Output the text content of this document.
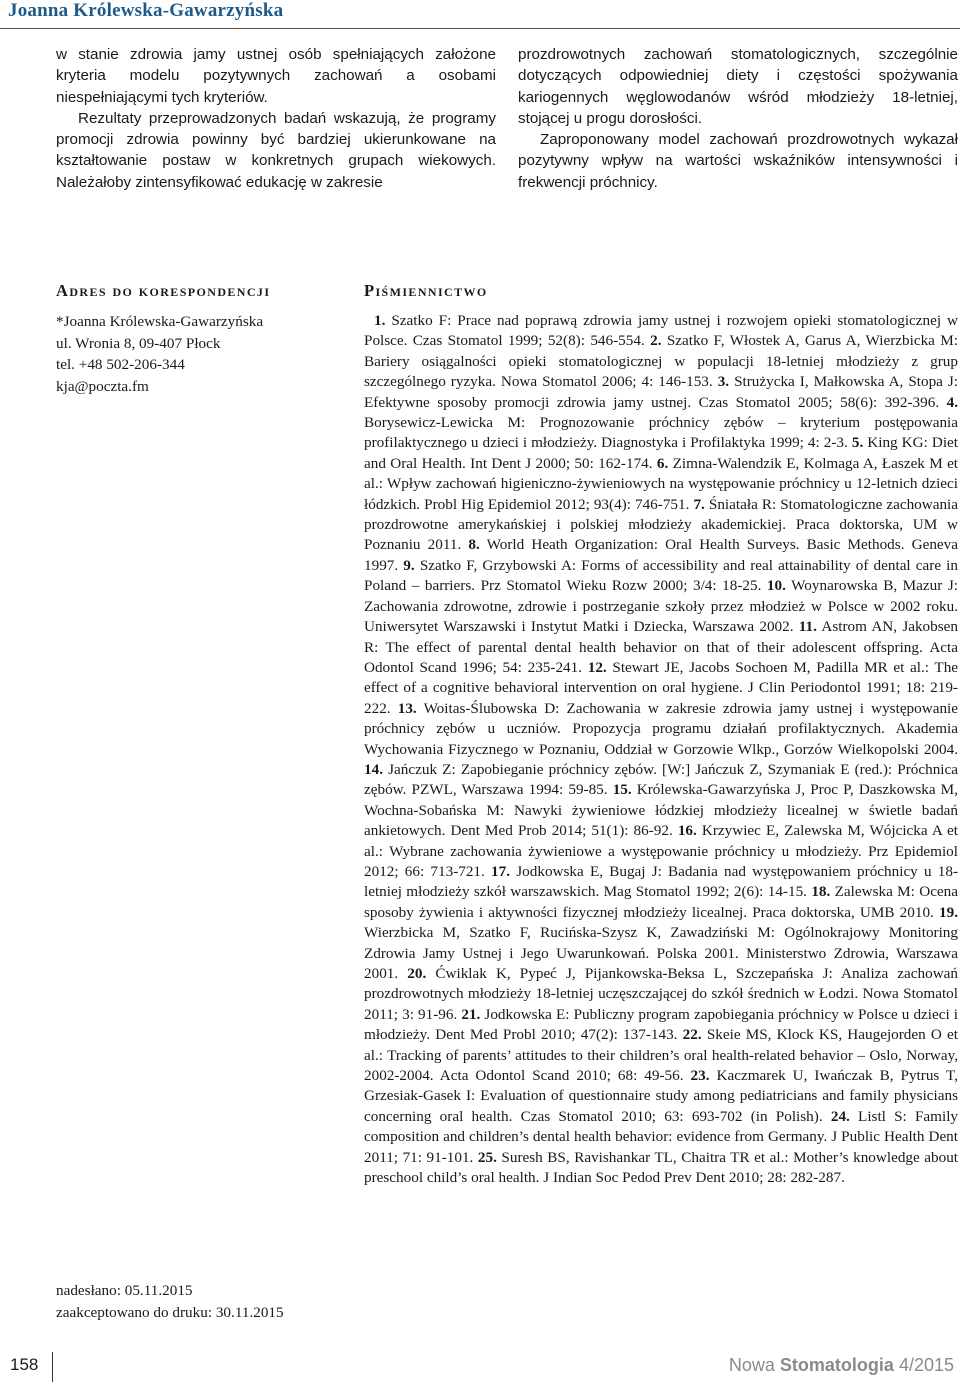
Joanna Królewska-Gawarzyńska

w stanie zdrowia jamy ustnej osób spełniających założone kryteria modelu pozytywnych zachowań a osobami niespełniającymi tych kryteriów.

Rezultaty przeprowadzonych badań wskazują, że programy promocji zdrowia powinny być bardziej ukierunkowane na kształtowanie postaw w konkretnych grupach wiekowych. Należałoby zintensyfikować edukację w zakresie

prozdrowotnych zachowań stomatologicznych, szczególnie dotyczących odpowiedniej diety i częstości spożywania kariogennych węglowodanów wśród młodzieży 18-letniej, stojącej u progu dorosłości.

Zaproponowany model zachowań prozdrowotnych wykazał pozytywny wpływ na wartości wskaźników intensywności i frekwencji próchnicy.

Adres do korespondencji
*Joanna Królewska-Gawarzyńska
ul. Wronia 8, 09-407 Płock
tel. +48 502-206-344
kja@poczta.fm
nadesłano: 05.11.2015
zaakceptowano do druku: 30.11.2015
Piśmiennictwo
1. Szatko F: Prace nad poprawą zdrowia jamy ustnej i rozwojem opieki stomatologicznej w Polsce. Czas Stomatol 1999; 52(8): 546-554. 2. Szatko F, Włostek A, Garus A, Wierzbicka M: Bariery osiągalności opieki stomatologicznej w populacji 18-letniej młodzieży z grup szczególnego ryzyka. Nowa Stomatol 2006; 4: 146-153. 3. Strużycka I, Małkowska A, Stopa J: Efektywne sposoby promocji zdrowia jamy ustnej. Czas Stomatol 2005; 58(6): 392-396. 4. Borysewicz-Lewicka M: Prognozowanie próchnicy zębów – kryterium postępowania profilaktycznego u dzieci i młodzieży. Diagnostyka i Profilaktyka 1999; 4: 2-3. 5. King KG: Diet and Oral Health. Int Dent J 2000; 50: 162-174. 6. Zimna-Walendzik E, Kolmaga A, Łaszek M et al.: Wpływ zachowań higieniczno-żywieniowych na występowanie próchnicy u 12-letnich dzieci łódzkich. Probl Hig Epidemiol 2012; 93(4): 746-751. 7. Śniatała R: Stomatologiczne zachowania prozdrowotne amerykańskiej i polskiej młodzieży akademickiej. Praca doktorska, UM w Poznaniu 2011. 8. World Heath Organization: Oral Health Surveys. Basic Methods. Geneva 1997. 9. Szatko F, Grzybowski A: Forms of accessibility and real attainability of dental care in Poland – barriers. Prz Stomatol Wieku Rozw 2000; 3/4: 18-25. 10. Woynarowska B, Mazur J: Zachowania zdrowotne, zdrowie i postrzeganie szkoły przez młodzież w Polsce w 2002 roku. Uniwersytet Warszawski i Instytut Matki i Dziecka, Warszawa 2002. 11. Astrom AN, Jakobsen R: The effect of parental dental health behavior on that of their adolescent offspring. Acta Odontol Scand 1996; 54: 235-241. 12. Stewart JE, Jacobs Sochoen M, Padilla MR et al.: The effect of a cognitive behavioral intervention on oral hygiene. J Clin Periodontol 1991; 18: 219-222. 13. Woitas-Ślubowska D: Zachowania w zakresie zdrowia jamy ustnej i występowanie próchnicy zębów u uczniów. Propozycja programu działań profilaktycznych. Akademia Wychowania Fizycznego w Poznaniu, Oddział w Gorzowie Wlkp., Gorzów Wielkopolski 2004. 14. Jańczuk Z: Zapobieganie próchnicy zębów. [W:] Jańczuk Z, Szymaniak E (red.): Próchnica zębów. PZWL, Warszawa 1994: 59-85. 15. Królewska-Gawarzyńska J, Proc P, Daszkowska M, Wochna-Sobańska M: Nawyki żywieniowe łódzkiej młodzieży licealnej w świetle badań ankietowych. Dent Med Prob 2014; 51(1): 86-92. 16. Krzywiec E, Zalewska M, Wójcicka A et al.: Wybrane zachowania żywieniowe a występowanie próchnicy u młodzieży. Prz Epidemiol 2012; 66: 713-721. 17. Jodkowska E, Bugaj J: Badania nad występowaniem próchnicy u 18-letniej młodzieży szkół warszawskich. Mag Stomatol 1992; 2(6): 14-15. 18. Zalewska M: Ocena sposoby żywienia i aktywności fizycznej młodzieży licealnej. Praca doktorska, UMB 2010. 19. Wierzbicka M, Szatko F, Rucińska-Szysz K, Zawadziński M: Ogólnokrajowy Monitoring Zdrowia Jamy Ustnej i Jego Uwarunkowań. Polska 2001. Ministerstwo Zdrowia, Warszawa 2001. 20. Ćwiklak K, Pypeć J, Pijankowska-Beksa L, Szczepańska J: Analiza zachowań prozdrowotnych młodzieży 18-letniej uczęszczającej do szkół średnich w Łodzi. Nowa Stomatol 2011; 3: 91-96. 21. Jodkowska E: Publiczny program zapobiegania próchnicy w Polsce u dzieci i młodzieży. Dent Med Probl 2010; 47(2): 137-143. 22. Skeie MS, Klock KS, Haugejorden O et al.: Tracking of parents’ attitudes to their children’s oral health-related behavior – Oslo, Norway, 2002-2004. Acta Odontol Scand 2010; 68: 49-56. 23. Kaczmarek U, Iwańczak B, Pytrus T, Grzesiak-Gasek I: Evaluation of questionnaire study among pediatricians and family physicians concerning oral health. Czas Stomatol 2010; 63: 693-702 (in Polish). 24. Listl S: Family composition and children’s dental health behavior: evidence from Germany. J Public Health Dent 2011; 71: 91-101. 25. Suresh BS, Ravishankar TL, Chaitra TR et al.: Mother’s knowledge about preschool child’s oral health. J Indian Soc Pedod Prev Dent 2010; 28: 282-287.
158	Nowa Stomatologia 4/2015
